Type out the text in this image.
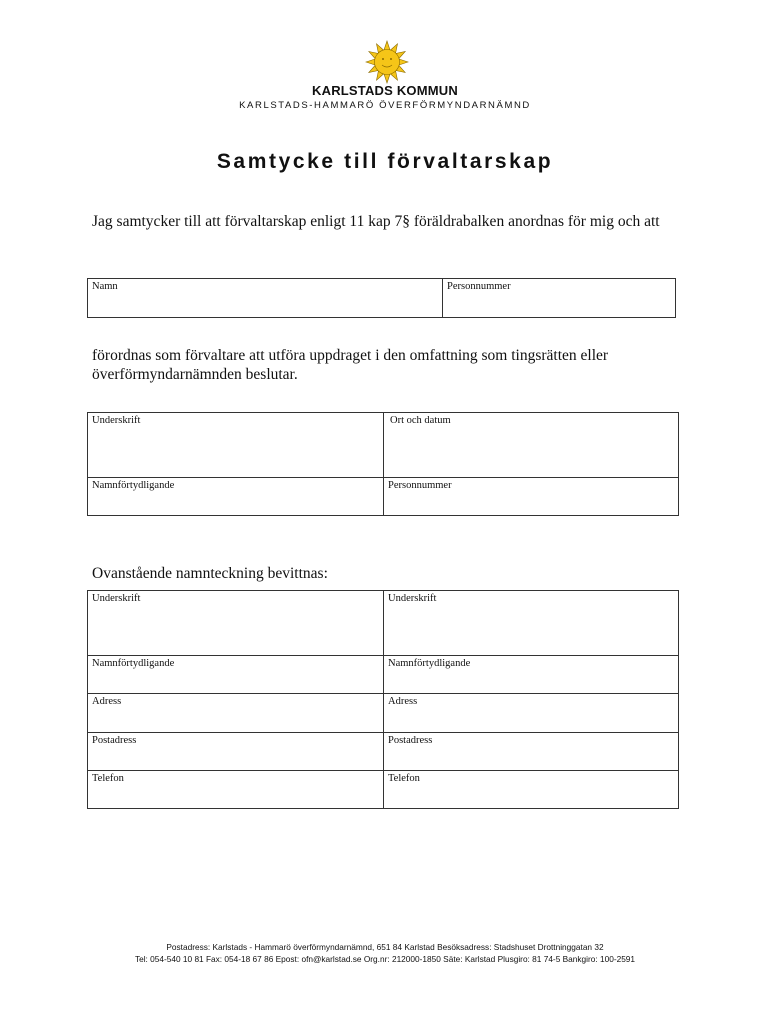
KARLSTADS KOMMUN
KARLSTADS-HAMMARÖ ÖVERFÖRMYNDARNÄMND
Samtycke till förvaltarskap
Jag samtycker till att förvaltarskap enligt 11 kap 7§ föräldrabalken anordnas för mig och att
Namn	Personnummer
förordnas som förvaltare att utföra uppdraget i den omfattning som tingsrätten eller överförmyndarnämnden beslutar.
Underskrift	Ort och datum
Namnförtydligande	Personnummer
Ovanstående namnteckning bevittnas:
Underskrift	Underskrift
Namnförtydligande	Namnförtydligande
Adress	Adress
Postadress	Postadress
Telefon	Telefon
Postadress: Karlstads - Hammarö överförmyndarnämnd, 651 84 Karlstad Besöksadress: Stadshuset Drottninggatan 32
Tel: 054-540 10 81 Fax: 054-18 67 86 Epost: ofn@karlstad.se Org.nr: 212000-1850 Säte: Karlstad Plusgiro: 81 74-5 Bankgiro: 100-2591
